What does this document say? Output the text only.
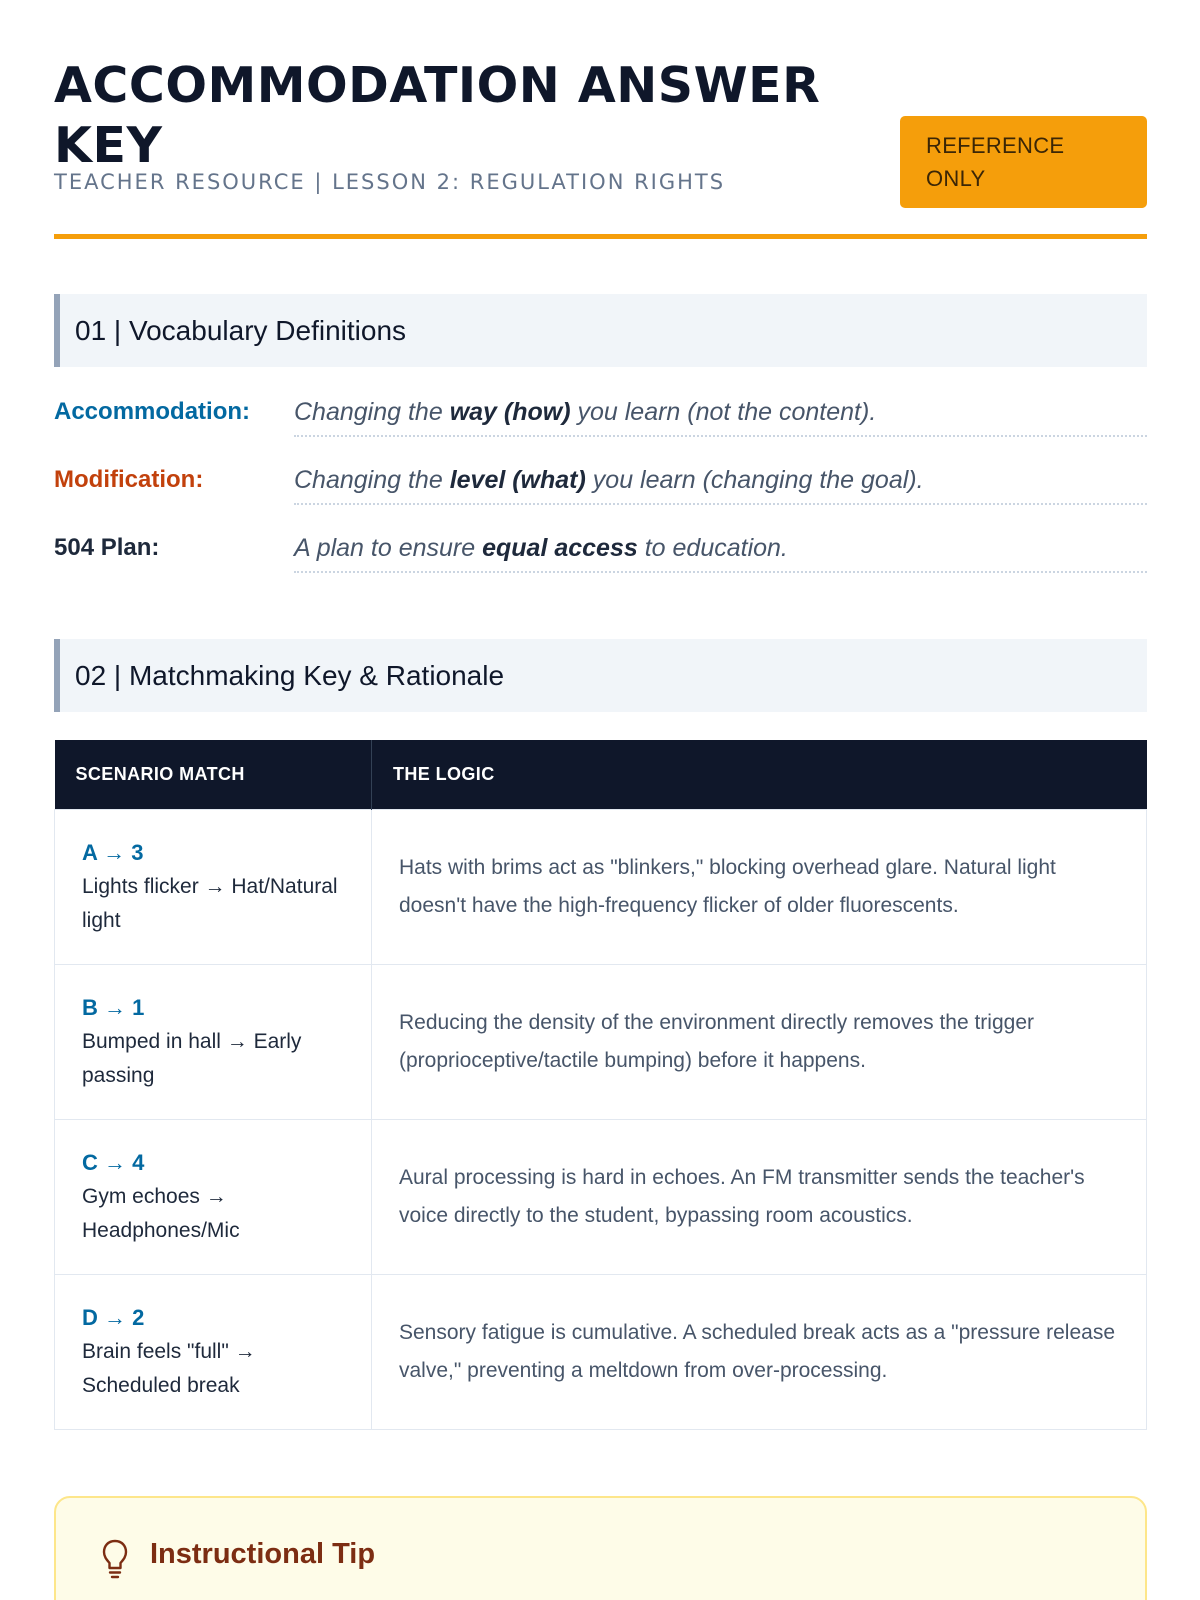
ACCOMMODATION ANSWER KEY
TEACHER RESOURCE | LESSON 2: REGULATION RIGHTS
REFERENCE ONLY
01 | Vocabulary Definitions
Accommodation: Changing the way (how) you learn (not the content).
Modification:	Changing the level (what) you learn (changing the goal).
504 Plan:	A plan to ensure equal access to education.
02 | Matchmaking Key & Rationale
SCENARIO MATCH	THE LOGIC

A → 3
Lights flicker → Hat/Natural light	Hats with brims act as "blinkers," blocking overhead glare. Natural light doesn't have the high-frequency flicker of older fluorescents.

B → 1
Bumped in hall → Early passing	Reducing the density of the environment directly removes the trigger (proprioceptive/tactile bumping) before it happens.

C → 4
Gym echoes → Headphones/Mic	Aural processing is hard in echoes. An FM transmitter sends the teacher's voice directly to the student, bypassing room acoustics.

D → 2
Brain feels "full" → Scheduled break	Sensory fatigue is cumulative. A scheduled break acts as a "pressure release valve," preventing a meltdown from over-processing.
Instructional Tip
